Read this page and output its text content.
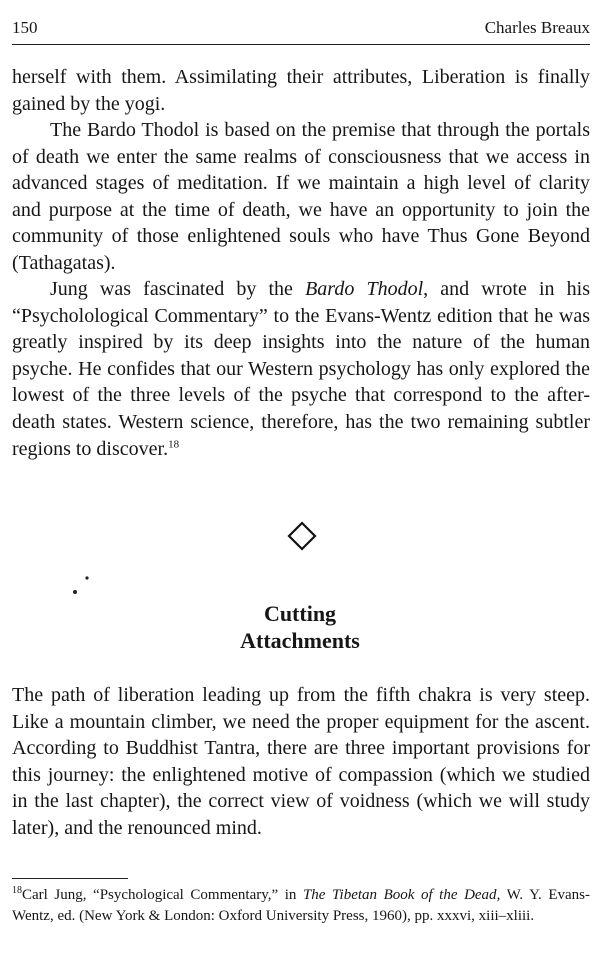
150	Charles Breaux

herself with them. Assimilating their attributes, Liberation is finally gained by the yogi.

The Bardo Thodol is based on the premise that through the portals of death we enter the same realms of consciousness that we access in advanced stages of meditation. If we maintain a high level of clarity and purpose at the time of death, we have an opportunity to join the community of those enlightened souls who have Thus Gone Beyond (Tathagatas).

Jung was fascinated by the Bardo Thodol, and wrote in his “Psycholological Commentary” to the Evans-Wentz edition that he was greatly inspired by its deep insights into the nature of the human psyche. He confides that our Western psychology has only explored the lowest of the three levels of the psyche that correspond to the after-death states. Western science, therefore, has the two remaining subtler regions to discover.$^{18}$

Cutting
Attachments

The path of liberation leading up from the fifth chakra is very steep. Like a mountain climber, we need the proper equipment for the ascent. According to Buddhist Tantra, there are three important provisions for this journey: the enlightened motive of compassion (which we studied in the last chapter), the correct view of voidness (which we will study later), and the renounced mind.

$^{18}$Carl Jung, “Psychological Commentary,” in The Tibetan Book of the Dead, W. Y. Evans-Wentz, ed. (New York & London: Oxford University Press, 1960), pp. xxxvi, xiii–xliii.
